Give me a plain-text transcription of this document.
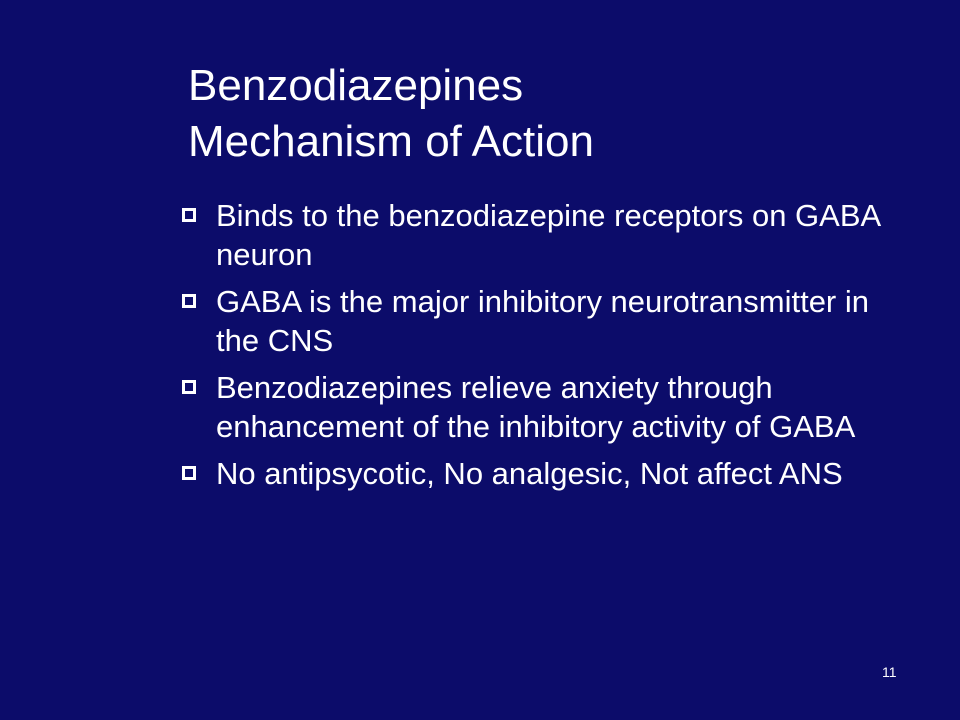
Benzodiazepines
Mechanism of Action
Binds to the benzodiazepine receptors on GABA neuron
GABA is the major inhibitory neurotransmitter in the CNS
Benzodiazepines relieve anxiety through enhancement of the inhibitory activity of GABA
No antipsycotic, No analgesic, Not affect ANS
11
